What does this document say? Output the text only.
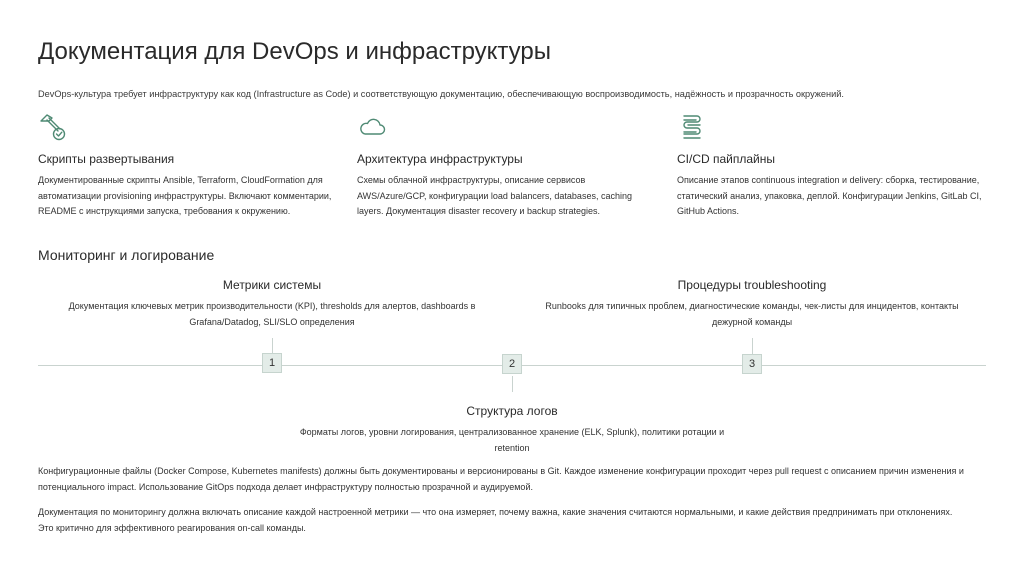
Документация для DevOps и инфраструктуры
DevOps-культура требует инфраструктуру как код (Infrastructure as Code) и соответствующую документацию, обеспечивающую воспроизводимость, надёжность и прозрачность окружений.
Скрипты развертывания
Документированные скрипты Ansible, Terraform, CloudFormation для автоматизации provisioning инфраструктуры. Включают комментарии, README с инструкциями запуска, требования к окружению.
Архитектура инфраструктуры
Схемы облачной инфраструктуры, описание сервисов AWS/Azure/GCP, конфигурации load balancers, databases, caching layers. Документация disaster recovery и backup strategies.
CI/CD пайплайны
Описание этапов continuous integration и delivery: сборка, тестирование, статический анализ, упаковка, деплой. Конфигурации Jenkins, GitLab CI, GitHub Actions.
Мониторинг и логирование
Метрики системы
Документация ключевых метрик производительности (KPI), thresholds для алертов, dashboards в Grafana/Datadog, SLI/SLO определения
Процедуры troubleshooting
Runbooks для типичных проблем, диагностические команды, чек-листы для инцидентов, контакты дежурной команды
1	2	3
Структура логов
Форматы логов, уровни логирования, централизованное хранение (ELK, Splunk), политики ротации и retention
Конфигурационные файлы (Docker Compose, Kubernetes manifests) должны быть документированы и версионированы в Git. Каждое изменение конфигурации проходит через pull request с описанием причин изменения и потенциального impact. Использование GitOps подхода делает инфраструктуру полностью прозрачной и аудируемой.
Документация по мониторингу должна включать описание каждой настроенной метрики — что она измеряет, почему важна, какие значения считаются нормальными, и какие действия предпринимать при отклонениях. Это критично для эффективного реагирования on-call команды.
